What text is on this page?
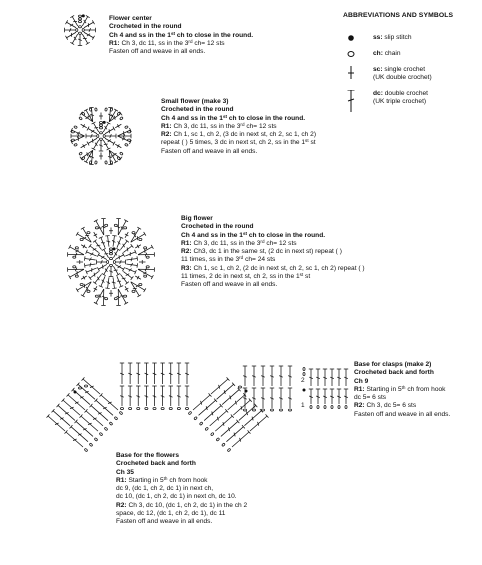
ABBREVIATIONS AND SYMBOLS
ss: slip stitch
ch: chain
sc: single crochet
(UK double crochet)
dc: double crochet
(UK triple crochet)
Flower center
Crocheted in the round
Ch 4 and ss in the 1st ch to close in the round.
R1: Ch 3, dc 11, ss in the 3rd ch= 12 sts
Fasten off and weave in all ends.
Small flower (make 3)
Crocheted in the round
Ch 4 and ss in the 1st ch to close in the round.
R1: Ch 3, dc 11, ss in the 3rd ch= 12 sts
R2: Ch 1, sc 1, ch 2, (3 dc in next st, ch 2, sc 1, ch 2)
repeat ( ) 5 times, 3 dc in next st, ch 2, ss in the 1st st
Fasten off and weave in all ends.
Big flower
Crocheted in the round
Ch 4 and ss in the 1st ch to close in the round.
R1: Ch 3, dc 11, ss in the 3rd ch= 12 sts
R2: Ch3, dc 1 in the same st, (2 dc in next st) repeat ( )
11 times, ss in the 3rd ch= 24 sts
R3: Ch 1, sc 1, ch 2, (2 dc in next st, ch 2, sc 1, ch 2) repeat ( )
11 times, 2 dc in next st, ch 2, ss in the 1st st
Fasten off and weave in all ends.
Base for clasps (make 2)
Crocheted back and forth
Ch 9
R1: Starting in 5th ch from hook
dc 5= 6 sts
R2: Ch 3, dc 5= 6 sts
Fasten off and weave in all ends.
Base for the flowers
Crocheted back and forth
Ch 35
R1: Starting in 5th ch from hook
dc 9, (dc 1, ch 2, dc 1) in next ch,
dc 10, (dc 1, ch 2, dc 1) in next ch, dc 10.
R2: Ch 3, dc 10, (dc 1, ch 2, dc 1) in the ch 2
space, dc 12, (dc 1, ch 2, dc 1), dc 11
Fasten off and weave in all ends.
2
1
